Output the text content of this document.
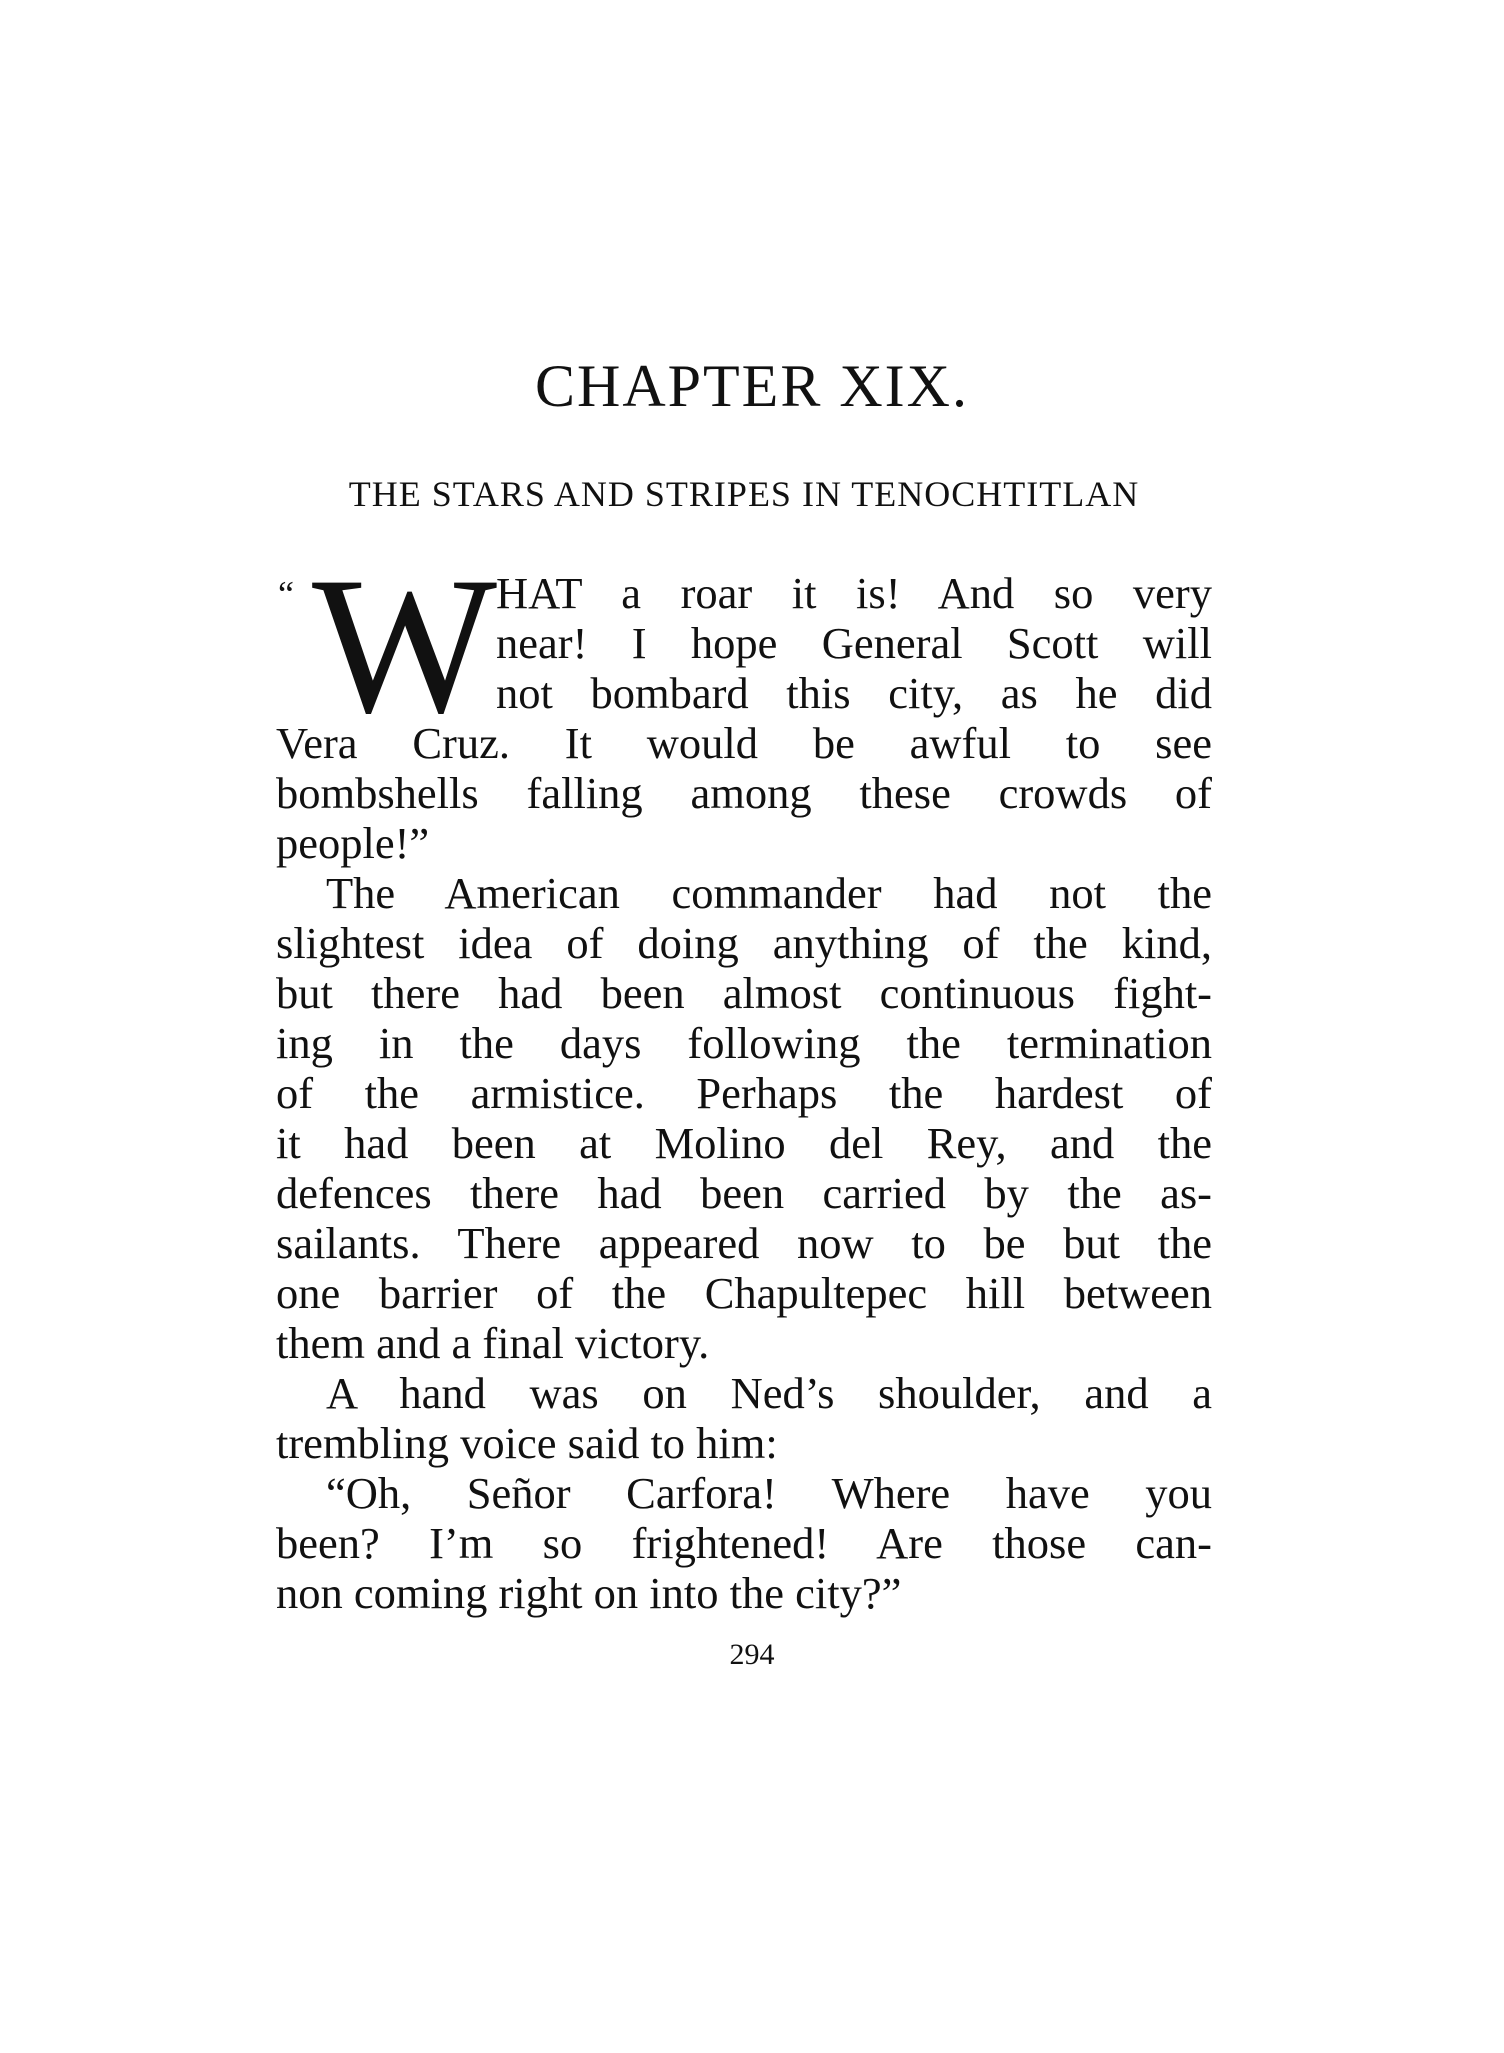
CHAPTER XIX.
THE STARS AND STRIPES IN TENOCHTITLAN
“ W HAT a roar it is! And so very
near! I hope General Scott will
not bombard this city, as he did
Vera Cruz. It would be awful to see
bombshells falling among these crowds of
people!”
The American commander had not the
slightest idea of doing anything of the kind,
but there had been almost continuous fight-
ing in the days following the termination
of the armistice. Perhaps the hardest of
it had been at Molino del Rey, and the
defences there had been carried by the as-
sailants. There appeared now to be but the
one barrier of the Chapultepec hill between
them and a final victory.
A hand was on Ned’s shoulder, and a
trembling voice said to him:
“Oh, Señor Carfora! Where have you
been? I’m so frightened! Are those can-
non coming right on into the city?”
294
